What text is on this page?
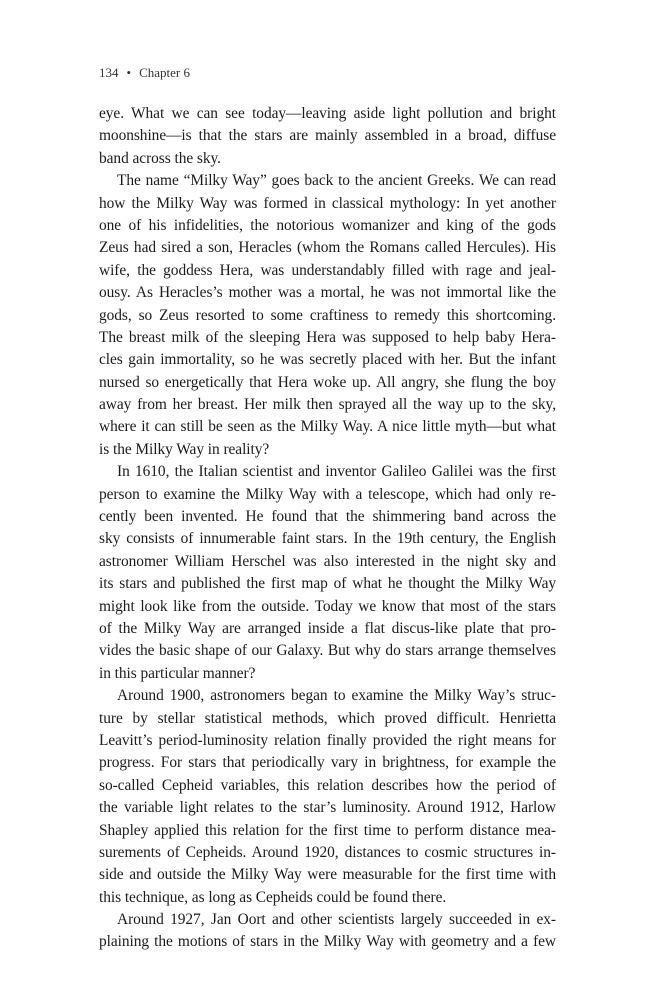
134 • Chapter 6
eye. What we can see today—leaving aside light pollution and bright
moonshine—is that the stars are mainly assembled in a broad, diffuse
band across the sky.
The name “Milky Way” goes back to the ancient Greeks. We can read
how the Milky Way was formed in classical mythology: In yet another
one of his infidelities, the notorious womanizer and king of the gods
Zeus had sired a son, Heracles (whom the Romans called Hercules). His
wife, the goddess Hera, was understandably filled with rage and jeal-
ousy. As Heracles’s mother was a mortal, he was not immortal like the
gods, so Zeus resorted to some craftiness to remedy this shortcoming.
The breast milk of the sleeping Hera was supposed to help baby Hera-
cles gain immortality, so he was secretly placed with her. But the infant
nursed so energetically that Hera woke up. All angry, she flung the boy
away from her breast. Her milk then sprayed all the way up to the sky,
where it can still be seen as the Milky Way. A nice little myth—but what
is the Milky Way in reality?
In 1610, the Italian scientist and inventor Galileo Galilei was the first
person to examine the Milky Way with a telescope, which had only re-
cently been invented. He found that the shimmering band across the
sky consists of innumerable faint stars. In the 19th century, the English
astronomer William Herschel was also interested in the night sky and
its stars and published the first map of what he thought the Milky Way
might look like from the outside. Today we know that most of the stars
of the Milky Way are arranged inside a flat discus-like plate that pro-
vides the basic shape of our Galaxy. But why do stars arrange themselves
in this particular manner?
Around 1900, astronomers began to examine the Milky Way’s struc-
ture by stellar statistical methods, which proved difficult. Henrietta
Leavitt’s period-luminosity relation finally provided the right means for
progress. For stars that periodically vary in brightness, for example the
so-called Cepheid variables, this relation describes how the period of
the variable light relates to the star’s luminosity. Around 1912, Harlow
Shapley applied this relation for the first time to perform distance mea-
surements of Cepheids. Around 1920, distances to cosmic structures in-
side and outside the Milky Way were measurable for the first time with
this technique, as long as Cepheids could be found there.
Around 1927, Jan Oort and other scientists largely succeeded in ex-
plaining the motions of stars in the Milky Way with geometry and a few
